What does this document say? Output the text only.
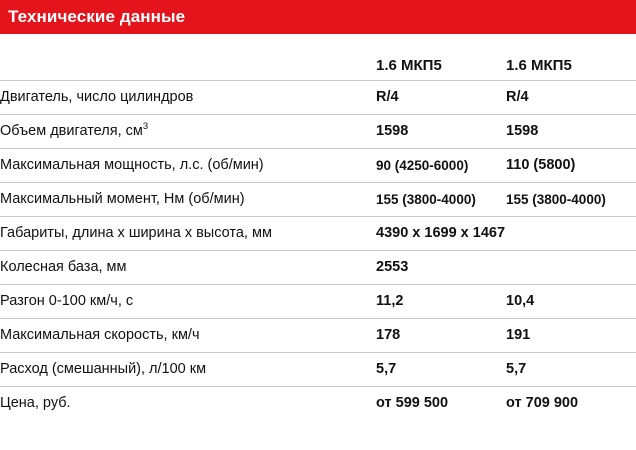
Технические данные
	1.6 МКП5	1.6 МКП5
Двигатель, число цилиндров	R/4	R/4
Объем двигателя, $см^3$	1598	1598
Максимальная мощность, л.с. (об/мин)	90 (4250-6000)	110 (5800)
Максимальный момент, Нм (об/мин)	155 (3800-4000)	155 (3800-4000)
Габариты, длина х ширина х высота, мм	4390 x 1699 x 1467	
Колесная база, мм	2553	
Разгон 0-100 км/ч, с	11,2	10,4
Максимальная скорость, км/ч	178	191
Расход (смешанный), л/100 км	5,7	5,7
Цена, руб.	от 599 500	от 709 900
